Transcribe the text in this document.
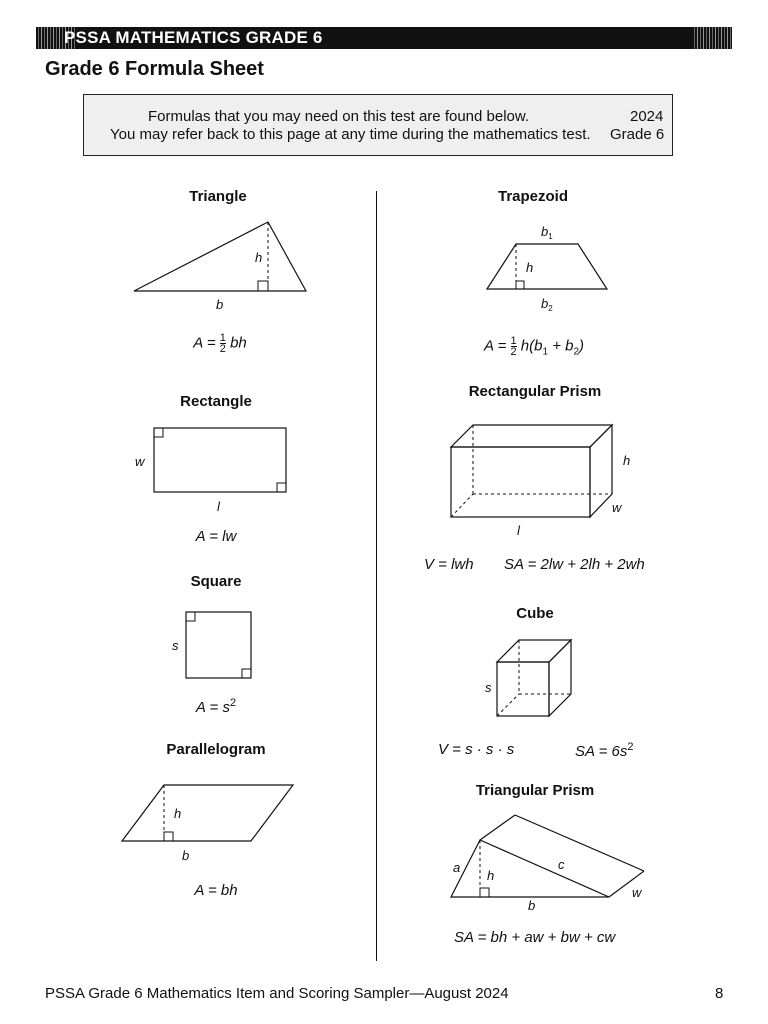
PSSA MATHEMATICS GRADE 6
Grade 6 Formula Sheet
Formulas that you may need on this test are found below.
You may refer back to this page at any time during the mathematics test.
2024
Grade 6
Triangle
h
b
$A = \frac{1}{2}$ bh
Rectangle
w
l
A = lw
Square
s
$A = s^2$
Parallelogram
h
b
A = bh
Trapezoid
$b_1$
h
$b_2$
$A = \frac{1}{2} h(b_1 + b_2)$
Rectangular Prism
h
w
l
V = lwh SA = 2lw + 2lh + 2wh
Cube
s
V = s · s · s	SA = $6s^2$
Triangular Prism
a
h
c
w
b
SA = bh + aw + bw + cw
PSSA Grade 6 Mathematics Item and Scoring Sampler—August 2024	8
